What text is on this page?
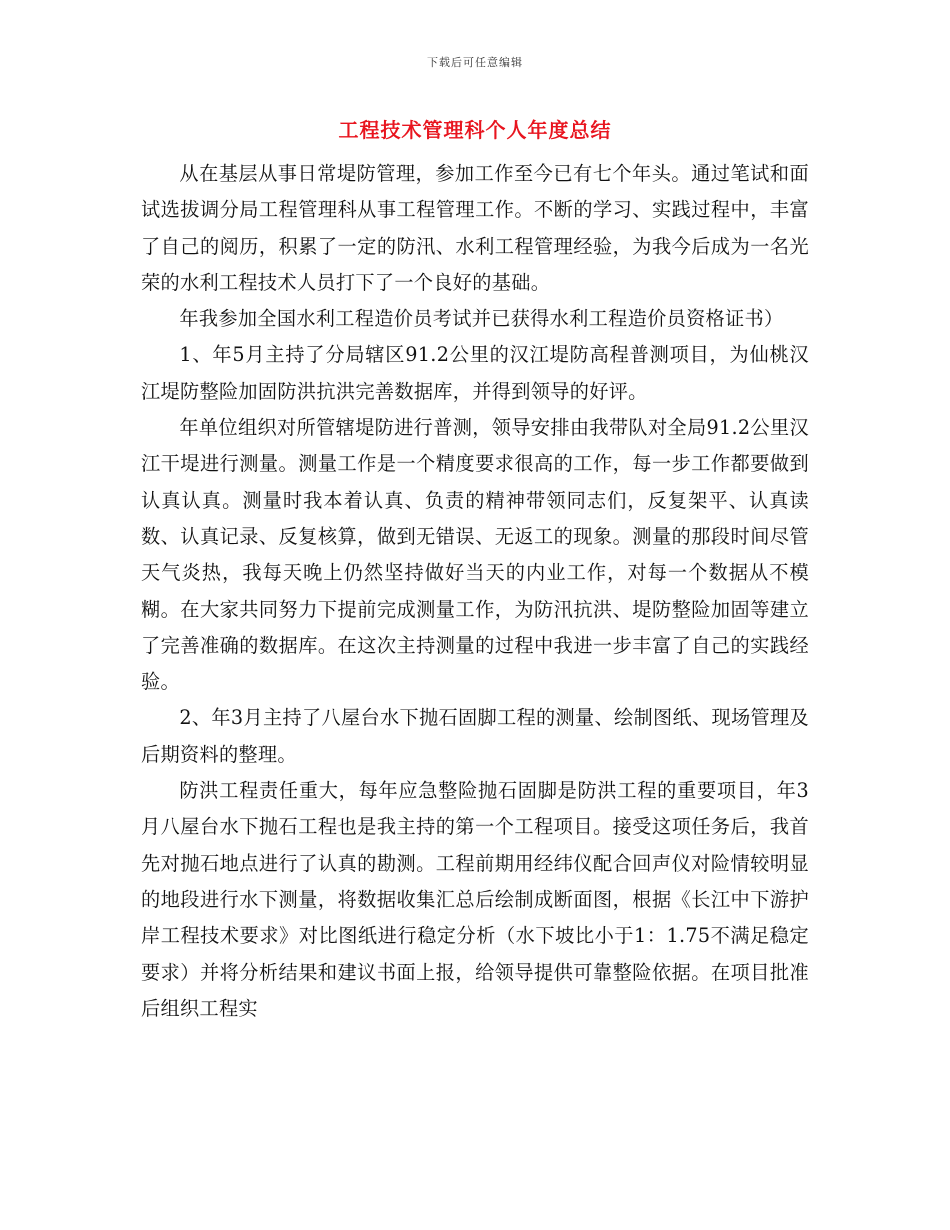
下载后可任意编辑
工程技术管理科个人年度总结

从在基层从事日常堤防管理，参加工作至今已有七个年头。通过笔试和面试选拔调分局工程管理科从事工程管理工作。不断的学习、实践过程中，丰富了自己的阅历，积累了一定的防汛、水利工程管理经验，为我今后成为一名光荣的水利工程技术人员打下了一个良好的基础。

年我参加全国水利工程造价员考试并已获得水利工程造价员资格证书）

1、年5月主持了分局辖区91.2公里的汉江堤防高程普测项目，为仙桃汉江堤防整险加固防洪抗洪完善数据库，并得到领导的好评。

年单位组织对所管辖堤防进行普测，领导安排由我带队对全局91.2公里汉江干堤进行测量。测量工作是一个精度要求很高的工作，每一步工作都要做到认真认真。测量时我本着认真、负责的精神带领同志们，反复架平、认真读数、认真记录、反复核算，做到无错误、无返工的现象。测量的那段时间尽管天气炎热，我每天晚上仍然坚持做好当天的内业工作，对每一个数据从不模糊。在大家共同努力下提前完成测量工作，为防汛抗洪、堤防整险加固等建立了完善准确的数据库。在这次主持测量的过程中我进一步丰富了自己的实践经验。

2、年3月主持了八屋台水下抛石固脚工程的测量、绘制图纸、现场管理及后期资料的整理。

防洪工程责任重大，每年应急整险抛石固脚是防洪工程的重要项目，年3月八屋台水下抛石工程也是我主持的第一个工程项目。接受这项任务后，我首先对抛石地点进行了认真的勘测。工程前期用经纬仪配合回声仪对险情较明显的地段进行水下测量，将数据收集汇总后绘制成断面图，根据《长江中下游护岸工程技术要求》对比图纸进行稳定分析（水下坡比小于1：1.75不满足稳定要求）并将分析结果和建议书面上报，给领导提供可靠整险依据。在项目批准后组织工程实
